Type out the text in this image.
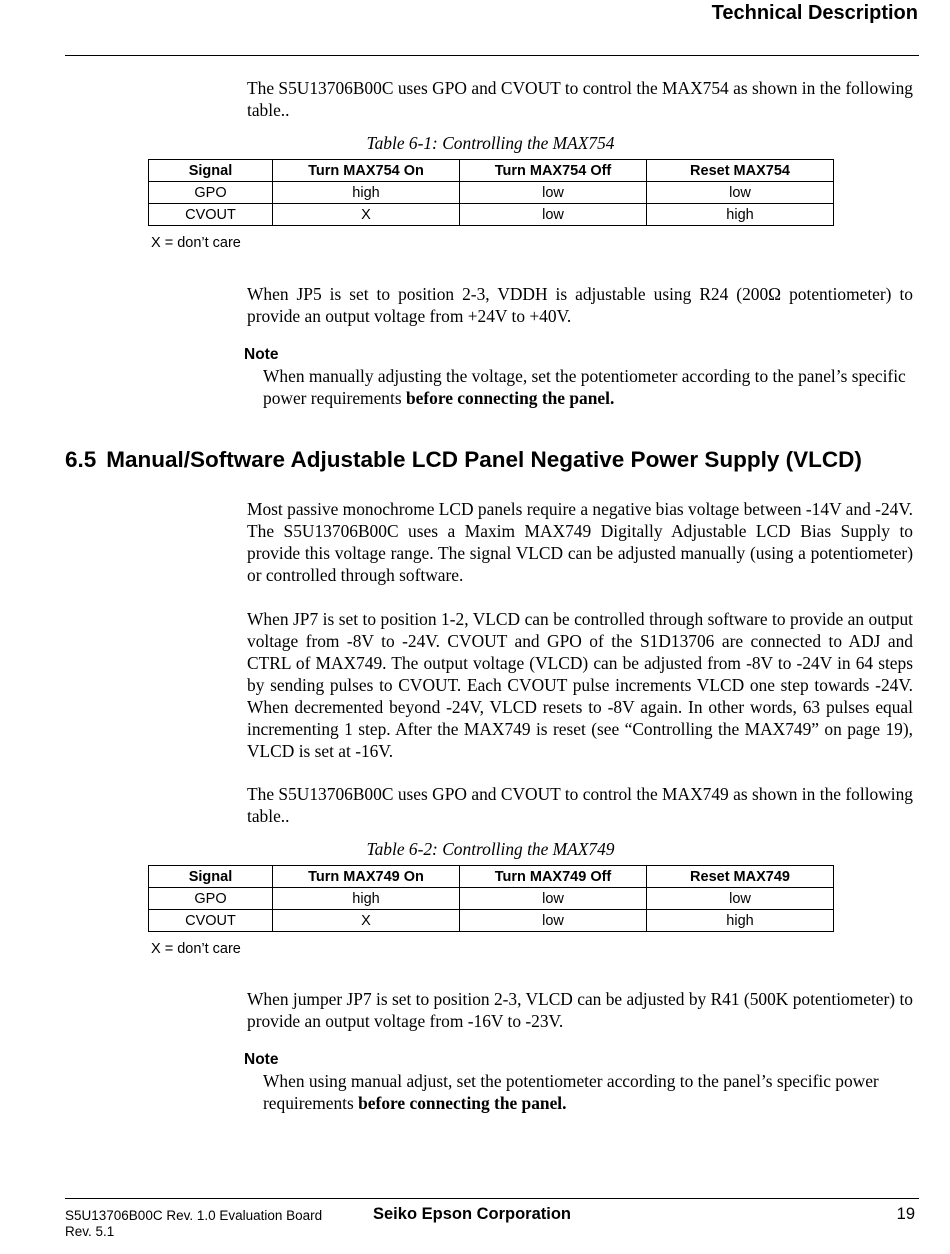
Technical Description

The S5U13706B00C uses GPO and CVOUT to control the MAX754 as shown in the following table..

Table 6-1: Controlling the MAX754
Signal	Turn MAX754 On	Turn MAX754 Off	Reset MAX754
GPO	high	low	low
CVOUT	X	low	high
X = don’t care

When JP5 is set to position 2-3, VDDH is adjustable using R24 (200Ω potentiometer) to provide an output voltage from +24V to +40V.

Note

When manually adjusting the voltage, set the potentiometer according to the panel’s specific power requirements before connecting the panel.

6.5 Manual/Software Adjustable LCD Panel Negative Power Supply (VLCD)

Most passive monochrome LCD panels require a negative bias voltage between -14V and -24V. The S5U13706B00C uses a Maxim MAX749 Digitally Adjustable LCD Bias Supply to provide this voltage range. The signal VLCD can be adjusted manually (using a potentiometer) or controlled through software.

When JP7 is set to position 1-2, VLCD can be controlled through software to provide an output voltage from -8V to -24V. CVOUT and GPO of the S1D13706 are connected to ADJ and CTRL of MAX749. The output voltage (VLCD) can be adjusted from -8V to -24V in 64 steps by sending pulses to CVOUT. Each CVOUT pulse increments VLCD one step towards -24V. When decremented beyond -24V, VLCD resets to -8V again. In other words, 63 pulses equal incrementing 1 step. After the MAX749 is reset (see “Controlling the MAX749” on page 19), VLCD is set at -16V.

The S5U13706B00C uses GPO and CVOUT to control the MAX749 as shown in the following table..

Table 6-2: Controlling the MAX749
Signal	Turn MAX749 On	Turn MAX749 Off	Reset MAX749
GPO	high	low	low
CVOUT	X	low	high
X = don’t care

When jumper JP7 is set to position 2-3, VLCD can be adjusted by R41 (500K potentiometer) to provide an output voltage from -16V to -23V.

Note

When using manual adjust, set the potentiometer according to the panel’s specific power requirements before connecting the panel.

S5U13706B00C Rev. 1.0 Evaluation Board
Rev. 5.1
Seiko Epson Corporation	19
